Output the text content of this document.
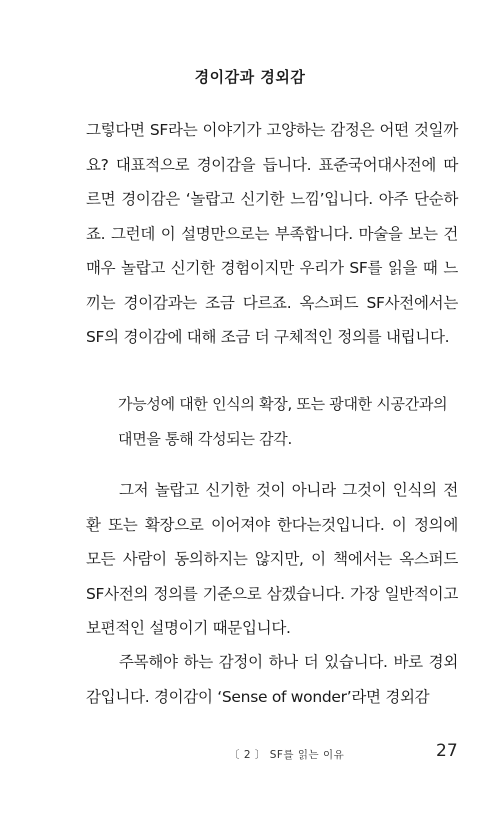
경이감과 경외감

그렇다면 SF라는 이야기가 고양하는 감정은 어떤 것일까요? 대표적으로 경이감을 듭니다. 표준국어대사전에 따르면 경이감은 ‘놀랍고 신기한 느낌’입니다. 아주 단순하죠. 그런데 이 설명만으로는 부족합니다. 마술을 보는 건 매우 놀랍고 신기한 경험이지만 우리가 SF를 읽을 때 느끼는 경이감과는 조금 다르죠. 옥스퍼드 SF사전에서는 SF의 경이감에 대해 조금 더 구체적인 정의를 내립니다.

가능성에 대한 인식의 확장, 또는 광대한 시공간과의 대면을 통해 각성되는 감각.

그저 놀랍고 신기한 것이 아니라 그것이 인식의 전환 또는 확장으로 이어져야 한다는것입니다. 이 정의에 모든 사람이 동의하지는 않지만, 이 책에서는 옥스퍼드 SF사전의 정의를 기준으로 삼겠습니다. 가장 일반적이고 보편적인 설명이기 때문입니다.

주목해야 하는 감정이 하나 더 있습니다. 바로 경외감입니다. 경이감이 ‘Sense of wonder’라면 경외감

〔 2 〕 SF를 읽는 이유	27
